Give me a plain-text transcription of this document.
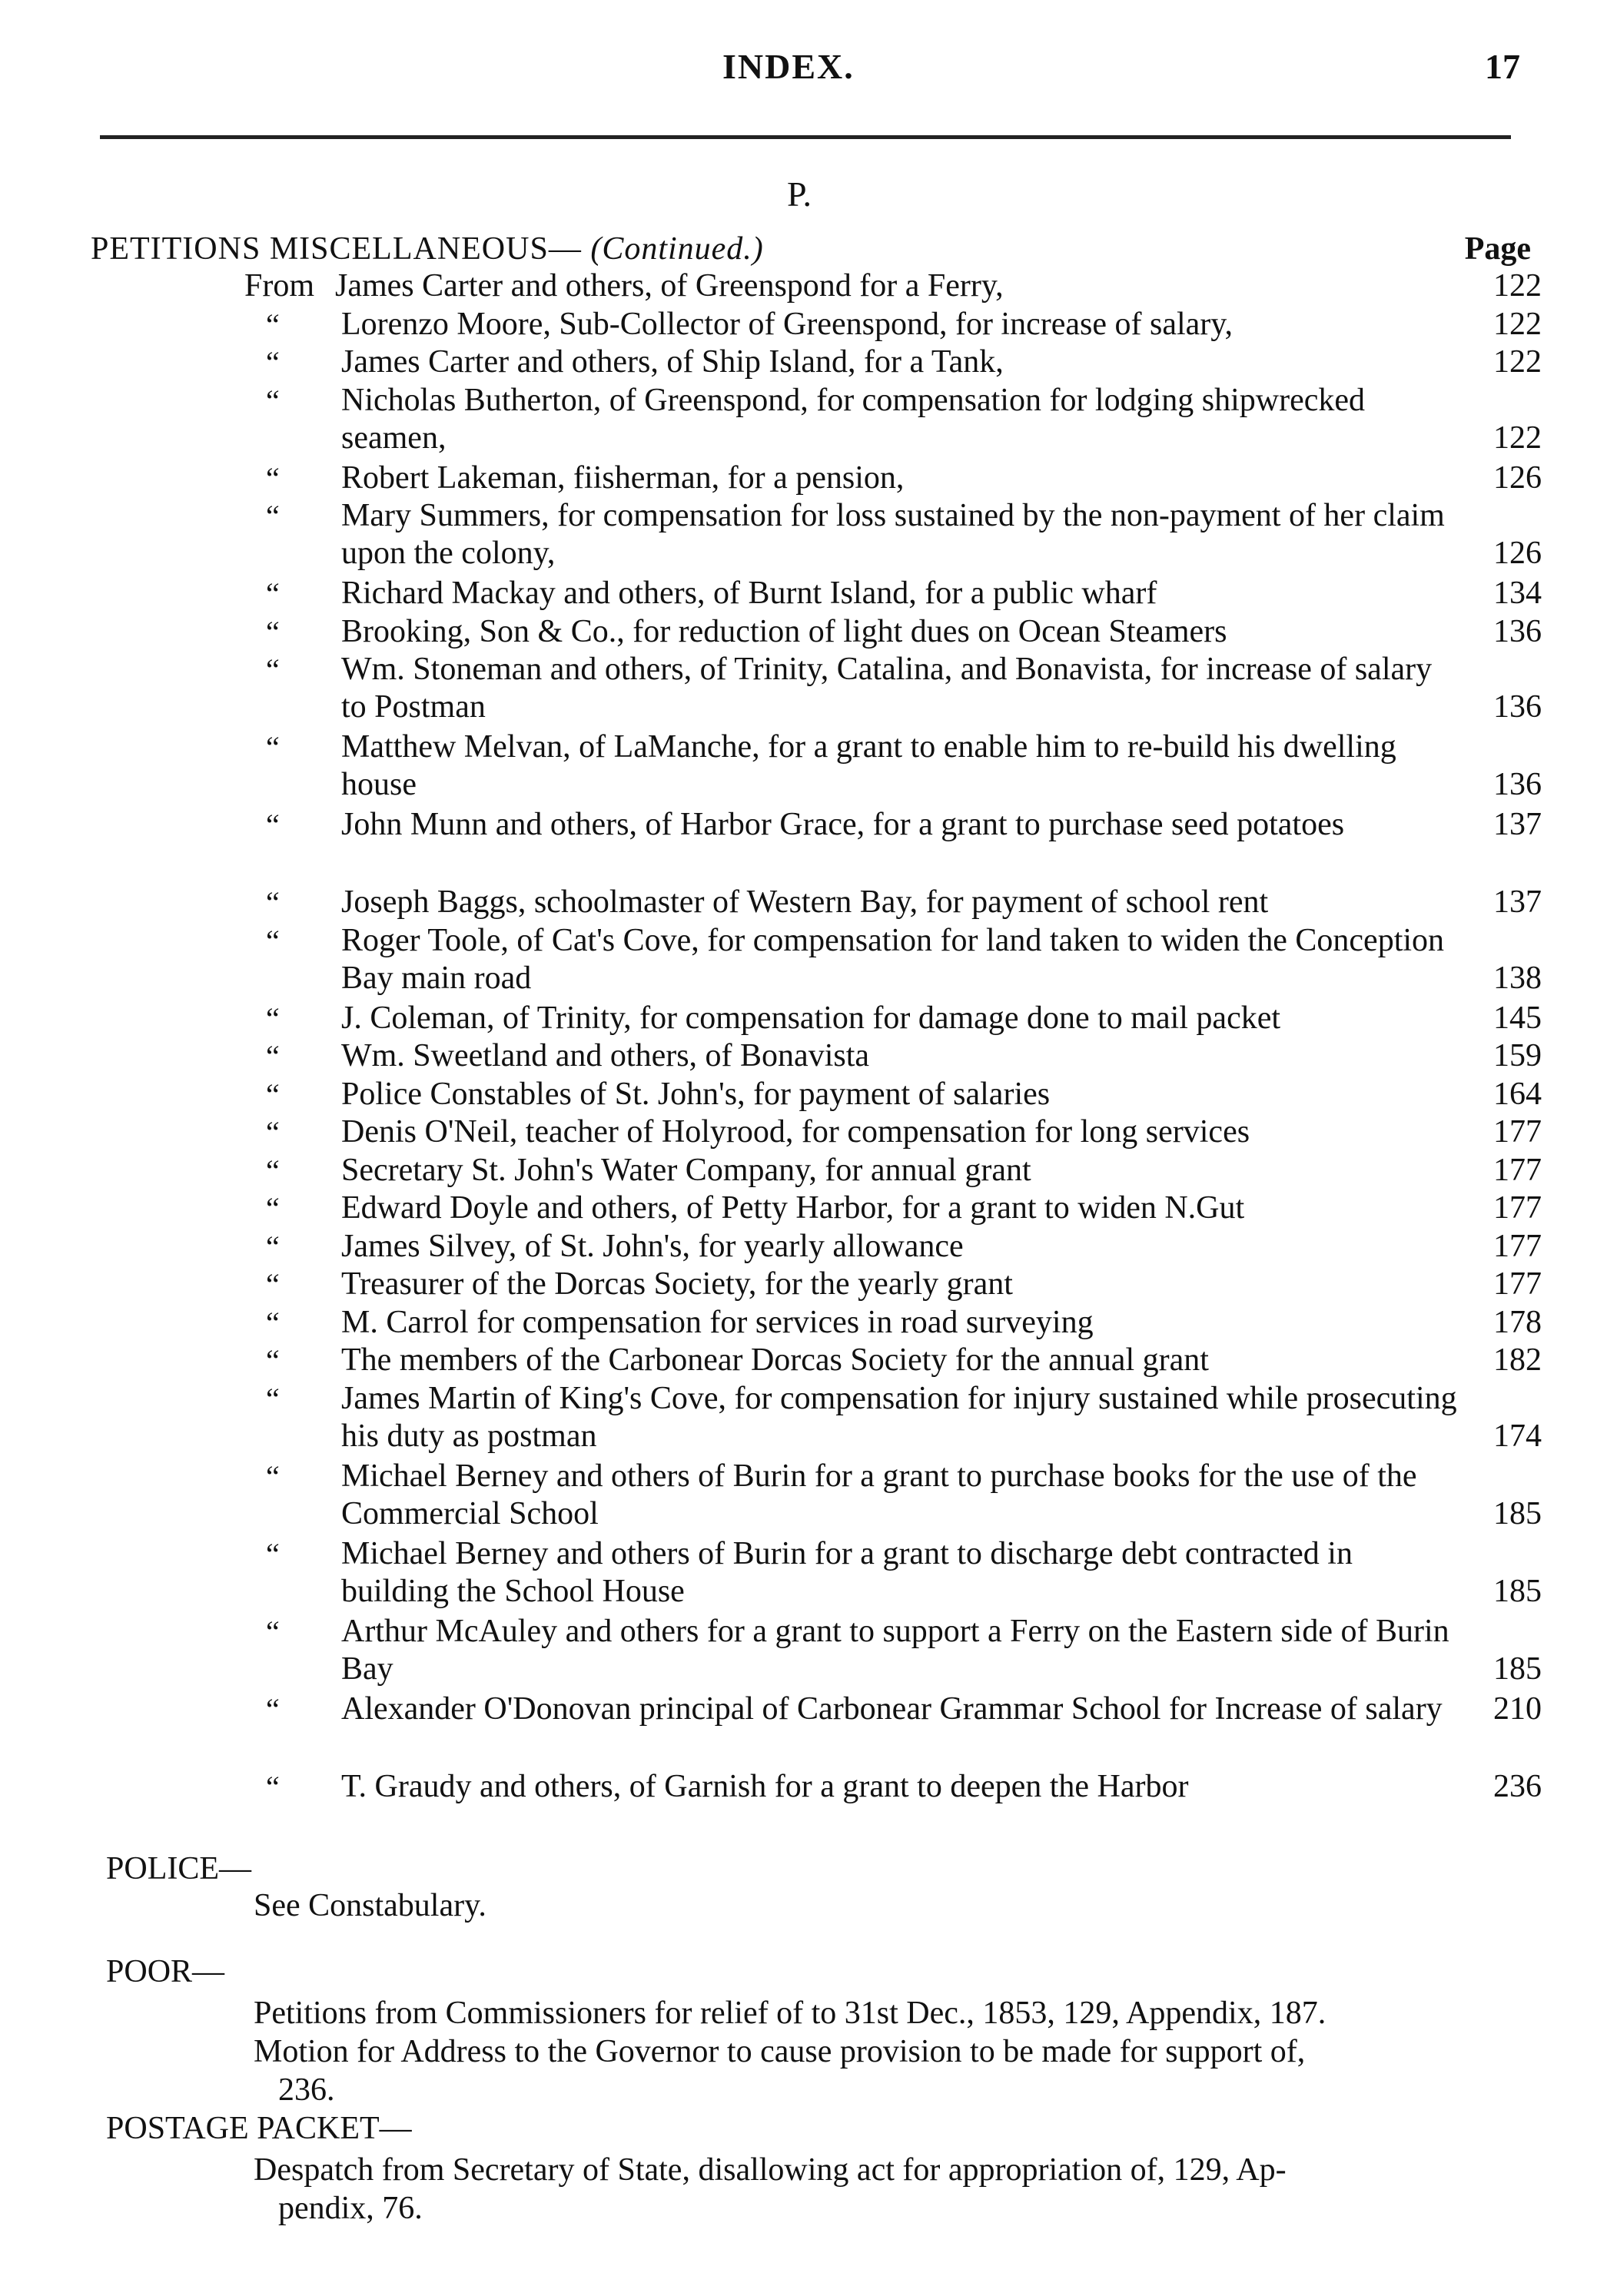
INDEX.	17
P.
Page
PETITIONS MISCELLANEOUS— (Continued.)
From James Carter and others, of Greenspond for a Ferry,	122
“	Lorenzo Moore, Sub-Collector of Greenspond, for increase of salary,	122
“	James Carter and others, of Ship Island, for a Tank,	122
“	Nicholas Butherton, of Greenspond, for compensation for lodging shipwrecked seamen,	122
“	Robert Lakeman, fiisherman, for a pension,	126
“	Mary Summers, for compensation for loss sustained by the non-payment of her claim upon the colony,	126
“	Richard Mackay and others, of Burnt Island, for a public wharf	134
“	Brooking, Son & Co., for reduction of light dues on Ocean Steamers	136
“	Wm. Stoneman and others, of Trinity, Catalina, and Bonavista, for increase of salary to Postman	136
“	Matthew Melvan, of LaManche, for a grant to enable him to re-build his dwelling house	136
“	John Munn and others, of Harbor Grace, for a grant to purchase seed potatoes	137
“	Joseph Baggs, schoolmaster of Western Bay, for payment of school rent	137
“	Roger Toole, of Cat's Cove, for compensation for land taken to widen the Conception Bay main road	138
“	J. Coleman, of Trinity, for compensation for damage done to mail packet	145
“	Wm. Sweetland and others, of Bonavista	159
“	Police Constables of St. John's, for payment of salaries	164
“	Denis O'Neil, teacher of Holyrood, for compensation for long services	177
“	Secretary St. John's Water Company, for annual grant	177
“	Edward Doyle and others, of Petty Harbor, for a grant to widen N.Gut	177
“	James Silvey, of St. John's, for yearly allowance	177
“	Treasurer of the Dorcas Society, for the yearly grant	177
“	M. Carrol for compensation for services in road surveying	178
“	The members of the Carbonear Dorcas Society for the annual grant	182
“	James Martin of King's Cove, for compensation for injury sustained while prosecuting his duty as postman	174
“	Michael Berney and others of Burin for a grant to purchase books for the use of the Commercial School	185
“	Michael Berney and others of Burin for a grant to discharge debt contracted in building the School House	185
“	Arthur McAuley and others for a grant to support a Ferry on the Eastern side of Burin Bay	185
“	Alexander O'Donovan principal of Carbonear Grammar School for Increase of salary	210
“	T. Graudy and others, of Garnish for a grant to deepen the Harbor	236
POLICE—
See Constabulary.
POOR—
Petitions from Commissioners for relief of to 31st Dec., 1853, 129, Appendix, 187.
Motion for Address to the Governor to cause provision to be made for support of,
236.
POSTAGE PACKET—
Despatch from Secretary of State, disallowing act for appropriation of, 129, Ap-
pendix, 76.
